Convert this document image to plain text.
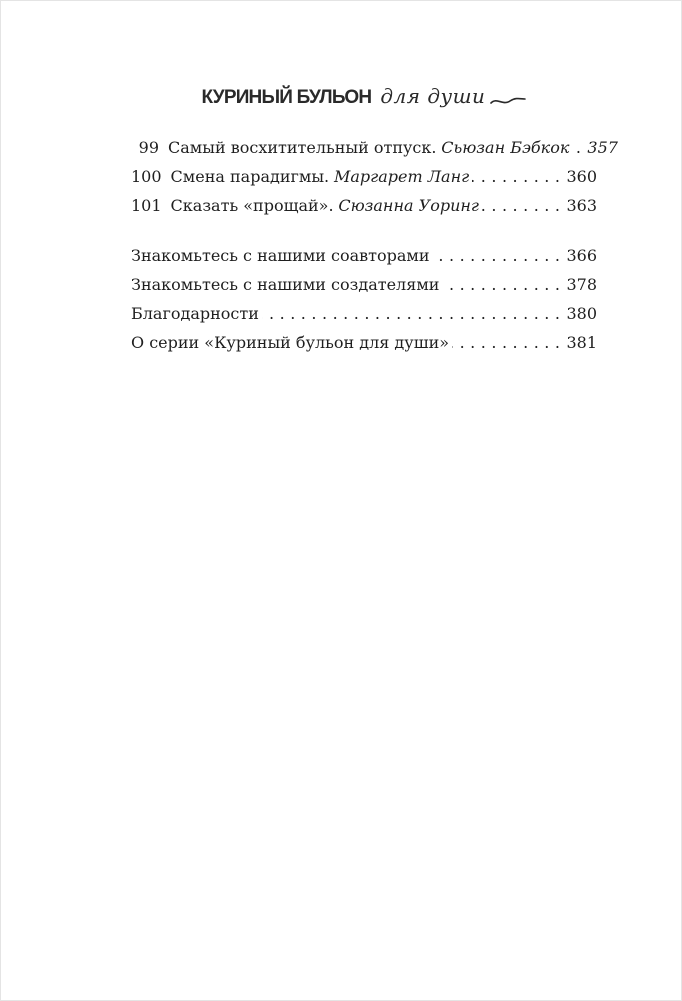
КУРИНЫЙ БУЛЬОН для души
99 Самый восхитительный отпуск. Сьюзан Бэбкок ..... 357
100 Смена парадигмы. Маргарет Ланг .....	360
101 Сказать «прощай». Сюзанна Уоринг .....	363
Знакомьтесь с нашими соавторами .....	366
Знакомьтесь с нашими создателями .....	378
Благодарности .....	380
О серии «Куриный бульон для души» .....	381
